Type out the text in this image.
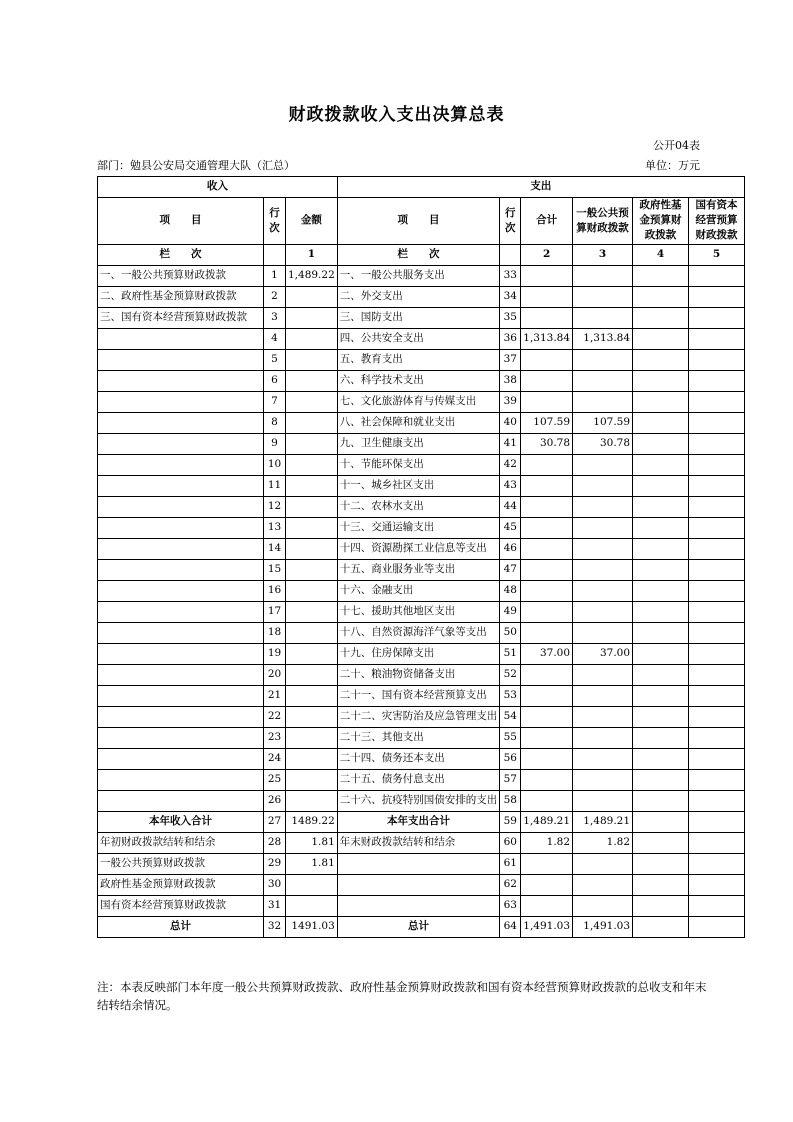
财政拨款收入支出决算总表
公开04表
部门：勉县公安局交通管理大队（汇总）	单位：万元
收入			支出					
项　　目	行次	金额	项　　目	行次	合计	一般公共预算财政拨款	政府性基金预算财政拨款	国有资本经营预算财政拨款
栏　　次		1	栏　　次		2	3	4	5
一、一般公共预算财政拨款	1	1,489.22	一、一般公共服务支出	33				
二、政府性基金预算财政拨款	2		二、外交支出	34				
三、国有资本经营预算财政拨款	3		三、国防支出	35				
	4		四、公共安全支出	36	1,313.84	1,313.84		
	5		五、教育支出	37				
	6		六、科学技术支出	38				
	7		七、文化旅游体育与传媒支出	39				
	8		八、社会保障和就业支出	40	107.59	107.59		
	9		九、卫生健康支出	41	30.78	30.78		
	10		十、节能环保支出	42				
	11		十一、城乡社区支出	43				
	12		十二、农林水支出	44				
	13		十三、交通运输支出	45				
	14		十四、资源勘探工业信息等支出	46				
	15		十五、商业服务业等支出	47				
	16		十六、金融支出	48				
	17		十七、援助其他地区支出	49				
	18		十八、自然资源海洋气象等支出	50				
	19		十九、住房保障支出	51	37.00	37.00		
	20		二十、粮油物资储备支出	52				
	21		二十一、国有资本经营预算支出	53				
	22		二十二、灾害防治及应急管理支出	54				
	23		二十三、其他支出	55				
	24		二十四、债务还本支出	56				
	25		二十五、债务付息支出	57				
	26		二十六、抗疫特别国债安排的支出	58				
本年收入合计	27	1489.22	本年支出合计	59	1,489.21	1,489.21		
年初财政拨款结转和结余	28	1.81	年末财政拨款结转和结余	60	1.82	1.82		
一般公共预算财政拨款	29	1.81		61				
政府性基金预算财政拨款	30			62				
国有资本经营预算财政拨款	31			63				
总计	32	1491.03	总计	64	1,491.03	1,491.03		
注：本表反映部门本年度一般公共预算财政拨款、政府性基金预算财政拨款和国有资本经营预算财政拨款的总收支和年末结转结余情况。
